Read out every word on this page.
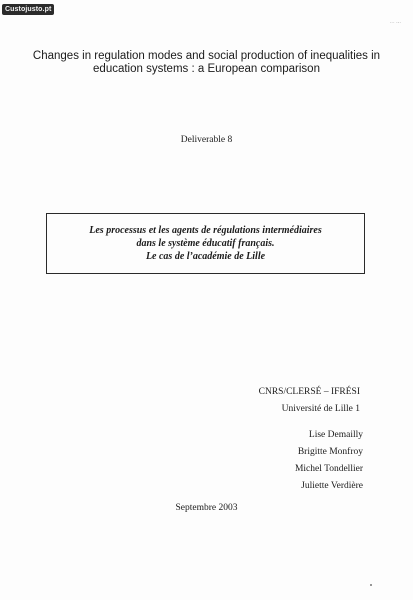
Custojusto.pt
··· ·‑·
Changes in regulation modes and social production of inequalities in
education systems : a European comparison
Deliverable 8
Les processus et les agents de régulations intermédiaires
dans le système éducatif français.
Le cas de l’académie de Lille
CNRS/CLERSÉ – IFRÉSI
Université de Lille 1
Lise Demailly
Brigitte Monfroy
Michel Tondellier
Juliette Verdière
Septembre 2003
